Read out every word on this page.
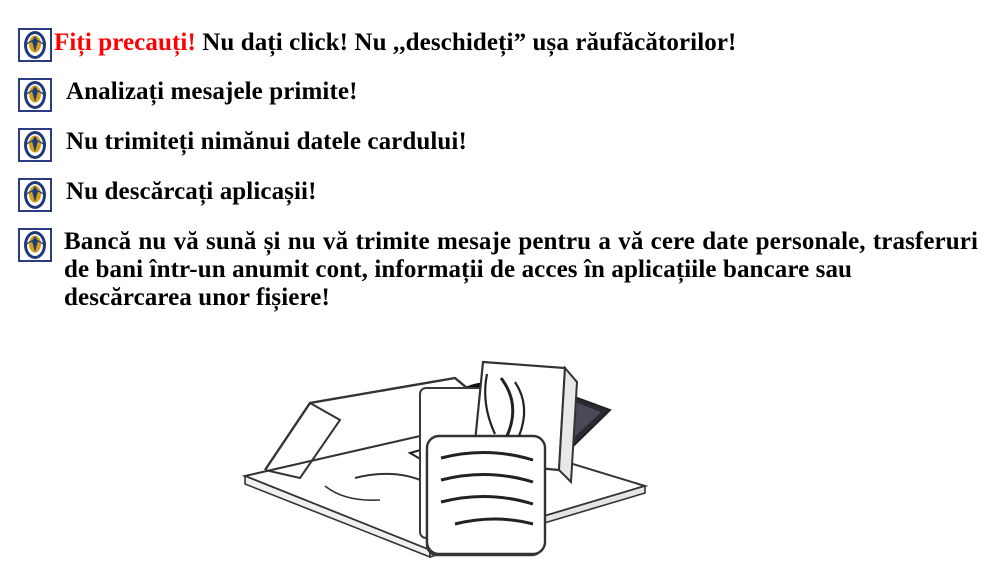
Fiți precauți! Nu dați click! Nu ,,deschideți” ușa răufăcătorilor!
Analizați mesajele primite!
Nu trimiteți nimănui datele cardului!
Nu descărcați aplicașii!
Bancă nu vă sună și nu vă trimite mesaje pentru a vă cere date personale, trasferuri de bani într-un anumit cont, informații de acces în aplicațiile bancare sau
descărcarea unor fișiere!
